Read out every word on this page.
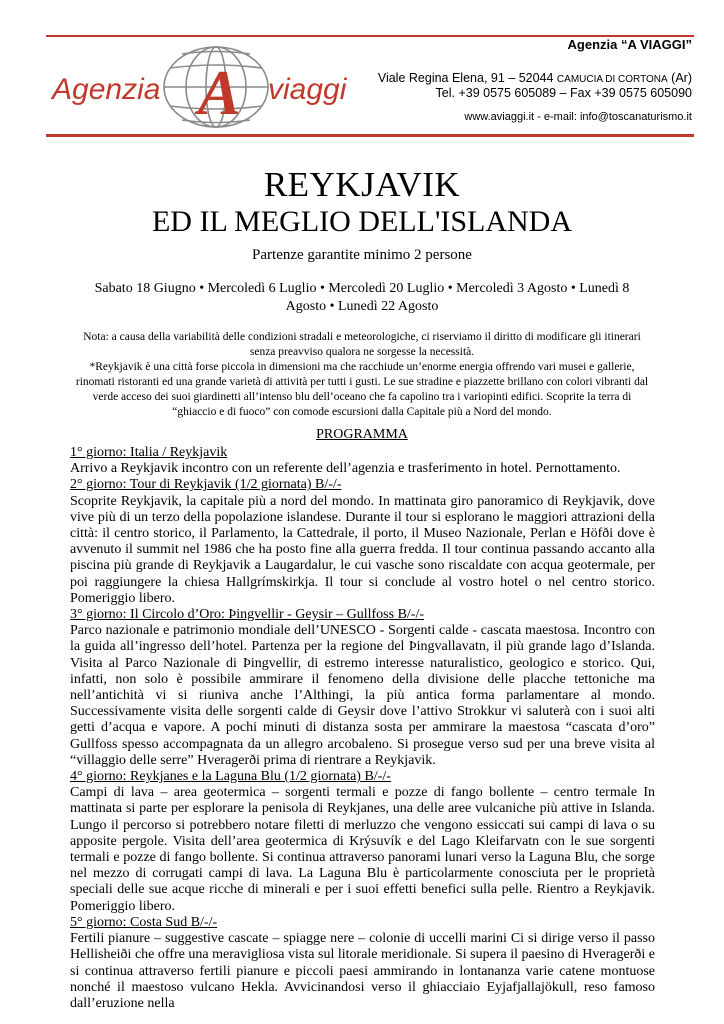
Agenzia “A VIAGGI”
Agenzia A viaggi	Viale Regina Elena, 91 – 52044 CAMUCIA DI CORTONA (Ar)
Tel. +39 0575 605089 – Fax +39 0575 605090
www.aviaggi.it - e-mail: info@toscanaturismo.it
REYKJAVIK
ED IL MEGLIO DELL'ISLANDA
Partenze garantite minimo 2 persone
Sabato 18 Giugno • Mercoledì 6 Luglio • Mercoledì 20 Luglio • Mercoledì 3 Agosto • Lunedì 8 Agosto • Lunedì 22 Agosto

Nota: a causa della variabilità delle condizioni stradali e meteorologiche, ci riserviamo il diritto di modificare gli itinerari senza preavviso qualora ne sorgesse la necessità.

*Reykjavik è una città forse piccola in dimensioni ma che racchiude un’enorme energia offrendo vari musei e gallerie, rinomati ristoranti ed una grande varietà di attività per tutti i gusti. Le sue stradine e piazzette brillano con colori vibranti dal verde acceso dei suoi giardinetti all’intenso blu dell’oceano che fa capolino tra i variopinti edifici. Scoprite la terra di “ghiaccio e di fuoco” con comode escursioni dalla Capitale più a Nord del mondo.

PROGRAMMA
1° giorno: Italia / Reykjavik

Arrivo a Reykjavik incontro con un referente dell’agenzia e trasferimento in hotel. Pernottamento.

2° giorno: Tour di Reykjavik (1/2 giornata) B/-/-

Scoprite Reykjavik, la capitale più a nord del mondo. In mattinata giro panoramico di Reykjavik, dove vive più di un terzo della popolazione islandese. Durante il tour si esplorano le maggiori attrazioni della città: il centro storico, il Parlamento, la Cattedrale, il porto, il Museo Nazionale, Perlan e Höfði dove è avvenuto il summit nel 1986 che ha posto fine alla guerra fredda. Il tour continua passando accanto alla piscina più grande di Reykjavik a Laugardalur, le cui vasche sono riscaldate con acqua geotermale, per poi raggiungere la chiesa Hallgrímskirkja. Il tour si conclude al vostro hotel o nel centro storico. Pomeriggio libero.

3° giorno: Il Circolo d’Oro: Þingvellir - Geysir – Gullfoss B/-/-

Parco nazionale e patrimonio mondiale dell’UNESCO - Sorgenti calde - cascata maestosa. Incontro con la guida all’ingresso dell’hotel. Partenza per la regione del Þingvallavatn, il più grande lago d’Islanda. Visita al Parco Nazionale di Þingvellir, di estremo interesse naturalistico, geologico e storico. Qui, infatti, non solo è possibile ammirare il fenomeno della divisione delle placche tettoniche ma nell’antichità vi si riuniva anche l’Althingi, la più antica forma parlamentare al mondo. Successivamente visita delle sorgenti calde di Geysir dove l’attivo Strokkur vi saluterà con i suoi alti getti d’acqua e vapore. A pochi minuti di distanza sosta per ammirare la maestosa “cascata d’oro” Gullfoss spesso accompagnata da un allegro arcobaleno. Si prosegue verso sud per una breve visita al “villaggio delle serre” Hveragerði prima di rientrare a Reykjavik.

4° giorno: Reykjanes e la Laguna Blu (1/2 giornata) B/-/-

Campi di lava – area geotermica – sorgenti termali e pozze di fango bollente – centro termale In mattinata si parte per esplorare la penisola di Reykjanes, una delle aree vulcaniche più attive in Islanda. Lungo il percorso si potrebbero notare filetti di merluzzo che vengono essiccati sui campi di lava o su apposite pergole. Visita dell’area geotermica di Krýsuvík e del Lago Kleifarvatn con le sue sorgenti termali e pozze di fango bollente. Si continua attraverso panorami lunari verso la Laguna Blu, che sorge nel mezzo di corrugati campi di lava. La Laguna Blu è particolarmente conosciuta per le proprietà speciali delle sue acque ricche di minerali e per i suoi effetti benefici sulla pelle. Rientro a Reykjavik. Pomeriggio libero.

5° giorno: Costa Sud B/-/-

Fertili pianure – suggestive cascate – spiagge nere – colonie di uccelli marini Ci si dirige verso il passo Hellisheiði che offre una meravigliosa vista sul litorale meridionale. Si supera il paesino di Hveragerði e si continua attraverso fertili pianure e piccoli paesi ammirando in lontananza varie catene montuose nonché il maestoso vulcano Hekla. Avvicinandosi verso il ghiacciaio Eyjafjallajökull, reso famoso dall’eruzione nella
